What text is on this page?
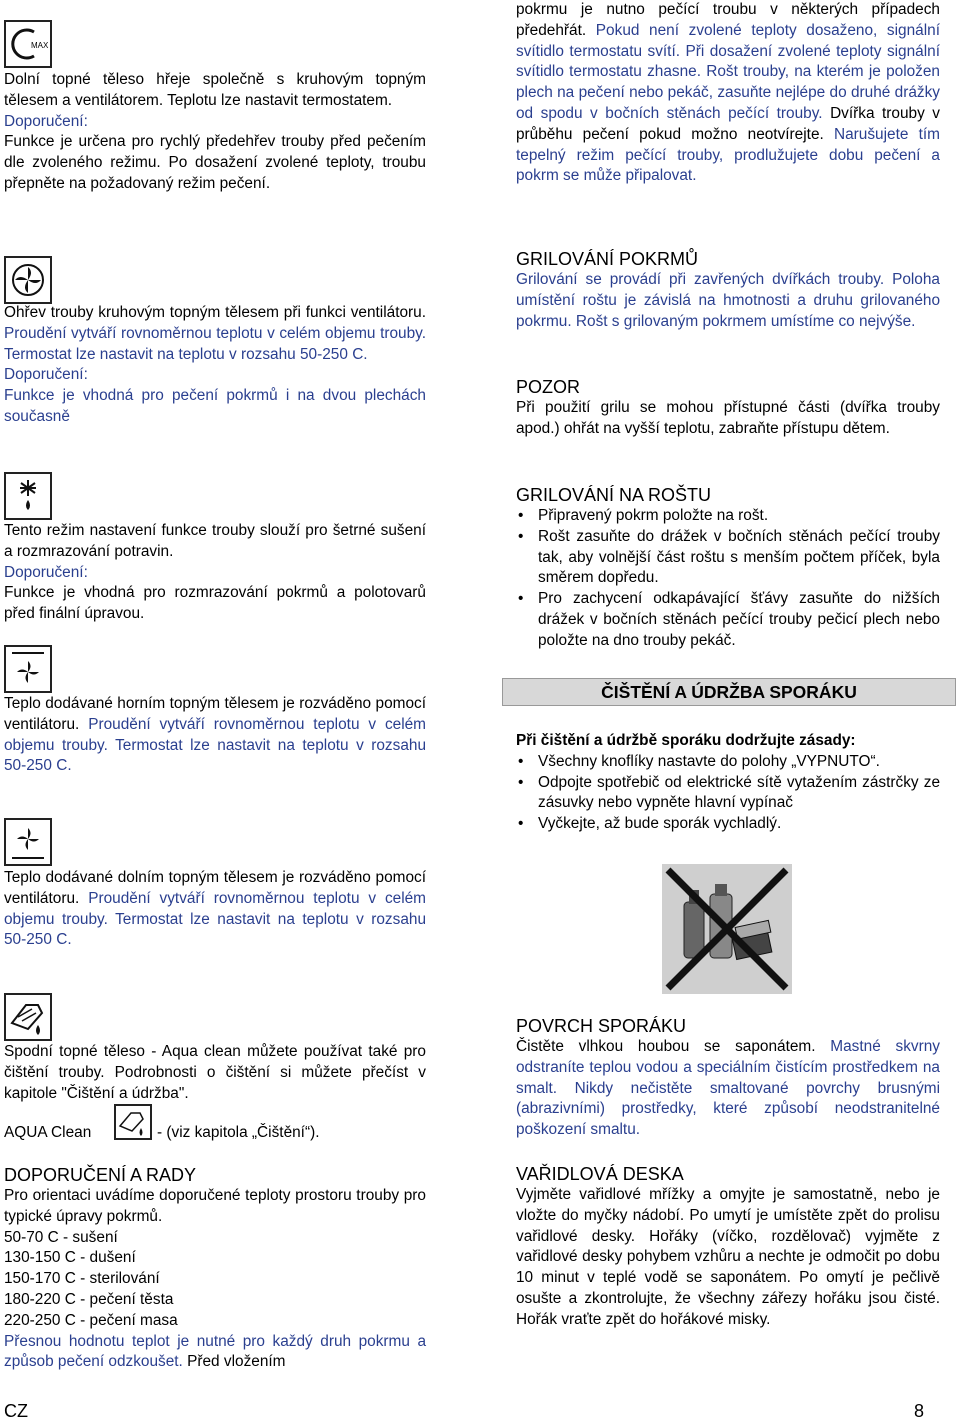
MAX

Dolní topné těleso hřeje společně s kruhovým topným tělesem a ventilátorem. Teplotu lze nastavit termostatem.

Doporučení:

Funkce je určena pro rychlý předehřev trouby před pečením dle zvoleného režimu. Po dosažení zvolené teploty, troubu přepněte na požadovaný režim pečení.

Ohřev trouby kruhovým topným tělesem při funkci ventilátoru. Proudění vytváří rovnoměrnou teplotu v celém objemu trouby. Termostat lze nastavit na teplotu v rozsahu 50-250 C.

Doporučení:

Funkce je vhodná pro pečení pokrmů i na dvou plechách současně

Tento režim nastavení funkce trouby slouží pro šetrné sušení a rozmrazování potravin.

Doporučení:

Funkce je vhodná pro rozmrazování pokrmů a polotovarů před finální úpravou.

Teplo dodávané horním topným tělesem je rozváděno pomocí ventilátoru. Proudění vytváří rovnoměrnou teplotu v celém objemu trouby. Termostat lze nastavit na teplotu v rozsahu 50-250 C.

Teplo dodávané dolním topným tělesem je rozváděno pomocí ventilátoru. Proudění vytváří rovnoměrnou teplotu v celém objemu trouby. Termostat lze nastavit na teplotu v rozsahu 50-250 C.

Spodní topné těleso - Aqua clean můžete používat také pro čištění trouby. Podrobnosti o čištění si můžete přečíst v kapitole "Čištění a údržba".

AQUA Clean	- (viz kapitola „Čištění“).
DOPORUČENÍ A RADY

Pro orientaci uvádíme doporučené teploty prostoru trouby pro typické úpravy pokrmů.

50-70 C - sušení

130-150 C - dušení

150-170 C - sterilování

180-220 C - pečení těsta

220-250 C - pečení masa

Přesnou hodnotu teplot je nutné pro každý druh pokrmu a způsob pečení odzkoušet. Před vložením

pokrmu je nutno pečící troubu v některých případech předehřát. Pokud není zvolené teploty dosaženo, signální svítidlo termostatu svítí. Při dosažení zvolené teploty signální svítidlo termostatu zhasne. Rošt trouby, na kterém je položen plech na pečení nebo pekáč, zasuňte nejlépe do druhé drážky od spodu v bočních stěnách pečící trouby. Dvířka trouby v průběhu pečení pokud možno neotvírejte. Narušujete tím tepelný režim pečící trouby, prodlužujete dobu pečení a pokrm se může připalovat.

GRILOVÁNÍ POKRMŮ

Grilování se provádí při zavřených dvířkách trouby. Poloha umístění roštu je závislá na hmotnosti a druhu grilovaného pokrmu. Rošt s grilovaným pokrmem umístíme co nejvýše.

POZOR

Při použití grilu se mohou přístupné části (dvířka trouby apod.) ohřát na vyšší teplotu, zabraňte přístupu dětem.

GRILOVÁNÍ NA ROŠTU
• Připravený pokrm položte na rošt.
• Rošt zasuňte do drážek v bočních stěnách pečící trouby tak, aby volnější část roštu s menším počtem příček, byla směrem dopředu.
• Pro zachycení odkapávající šťávy zasuňte do nižších drážek v bočních stěnách pečící trouby pečicí plech nebo položte na dno trouby pekáč.
ČIŠTĚNÍ A ÚDRŽBA SPORÁKU

Při čištění a údržbě sporáku dodržujte zásady:

• Všechny knoflíky nastavte do polohy „VYPNUTO“.
• Odpojte spotřebič od elektrické sítě vytažením zástrčky ze zásuvky nebo vypněte hlavní vypínač
• Vyčkejte, až bude sporák vychladlý.
POVRCH SPORÁKU

Čistěte vlhkou houbou se saponátem. Mastné skvrny odstraníte teplou vodou a speciálním čistícím prostředkem na smalt. Nikdy nečistěte smaltované povrchy brusnými (abrazivními) prostředky, které způsobí neodstranitelné poškození smaltu.

VAŘIDLOVÁ DESKA

Vyjměte vařidlové mřížky a omyjte je samostatně, nebo je vložte do myčky nádobí. Po umytí je umístěte zpět do prolisu vařidlové desky. Hořáky (víčko, rozdělovač) vyjměte z vařidlové desky pohybem vzhůru a nechte je odmočit po dobu 10 minut v teplé vodě se saponátem. Po omytí je pečlivě osušte a zkontrolujte, že všechny zářezy hořáku jsou čisté. Hořák vraťte zpět do hořákové misky.

CZ	8
